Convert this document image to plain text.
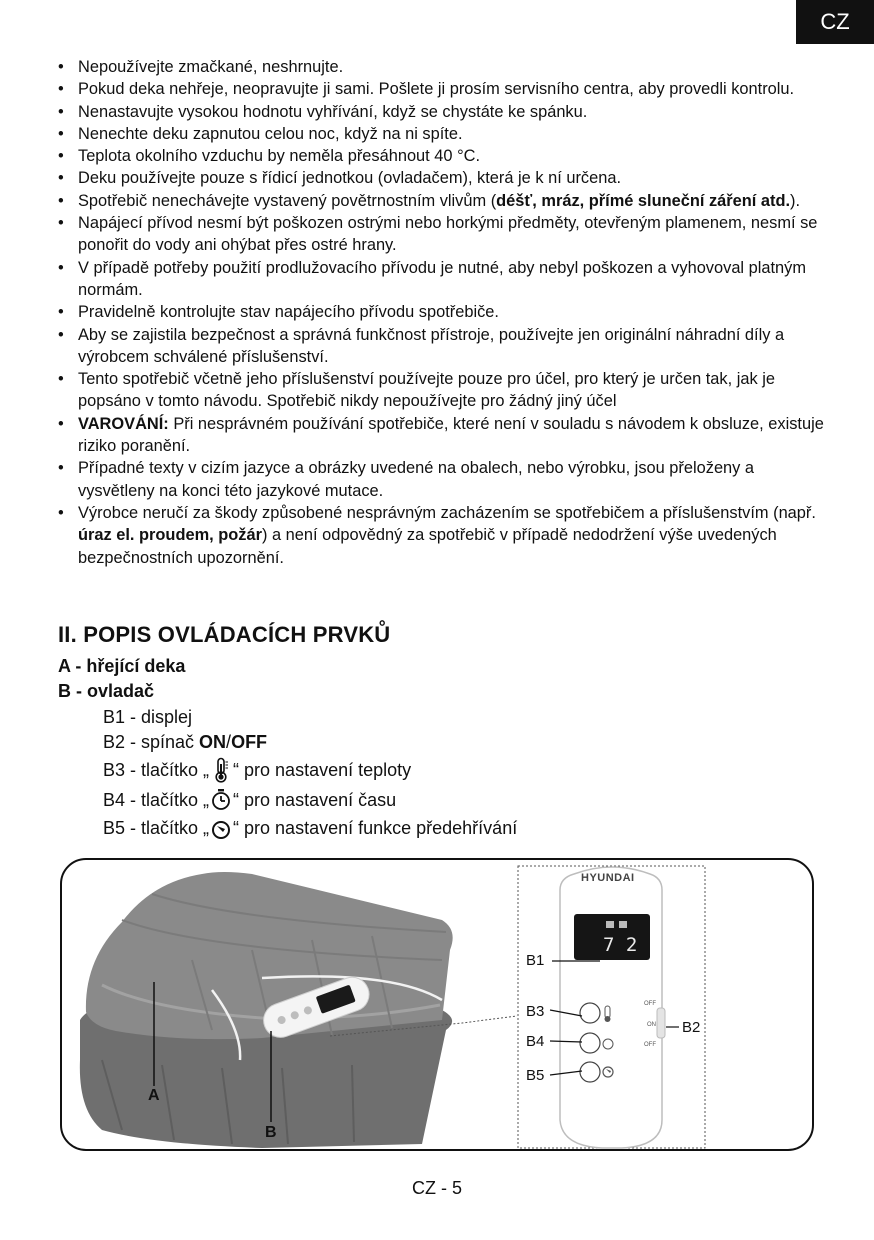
CZ
• Nepoužívejte zmačkané, neshrnujte.
• Pokud deka nehřeje, neopravujte ji sami. Pošlete ji prosím servisního centra, aby provedli kontrolu.
• Nenastavujte vysokou hodnotu vyhřívání, když se chystáte ke spánku.
• Nenechte deku zapnutou celou noc, když na ni spíte.
• Teplota okolního vzduchu by neměla přesáhnout 40 °C.
• Deku používejte pouze s řídicí jednotkou (ovladačem), která je k ní určena.
• Spotřebič nenechávejte vystavený povětrnostním vlivům (déšť, mráz, přímé sluneční záření atd.).
• Napájecí přívod nesmí být poškozen ostrými nebo horkými předměty, otevřeným plamenem, nesmí se ponořit do vody ani ohýbat přes ostré hrany.
• V případě potřeby použití prodlužovacího přívodu je nutné, aby nebyl poškozen a vyhovoval platným normám.
• Pravidelně kontrolujte stav napájecího přívodu spotřebiče.
• Aby se zajistila bezpečnost a správná funkčnost přístroje, používejte jen originální náhradní díly a výrobcem schválené příslušenství.
• Tento spotřebič včetně jeho příslušenství používejte pouze pro účel, pro který je určen tak, jak je popsáno v tomto návodu. Spotřebič nikdy nepoužívejte pro žádný jiný účel
• VAROVÁNÍ: Při nesprávném používání spotřebiče, které není v souladu s návodem k obsluze, existuje riziko poranění.
• Případné texty v cizím jazyce a obrázky uvedené na obalech, nebo výrobku, jsou přeloženy a vysvětleny na konci této jazykové mutace.
• Výrobce neručí za škody způsobené nesprávným zacházením se spotřebičem a příslušenstvím (např. úraz el. proudem, požár) a není odpovědný za spotřebič v případě nedodržení výše uvedených bezpečnostních upozornění.
II. POPIS OVLÁDACÍCH PRVKŮ
A - hřející deka
B - ovladač
B1 - displej
B2 - spínač ON / OFF
B3 - tlačítko „ “ pro nastavení teploty
B4 - tlačítko „ “ pro nastavení času
B5 - tlačítko „ “ pro nastavení funkce předehřívání
HYUNDAI
7 2
OFF
ON
OFF
B1
B3
B4
B5
B2
A
B
CZ - 5
